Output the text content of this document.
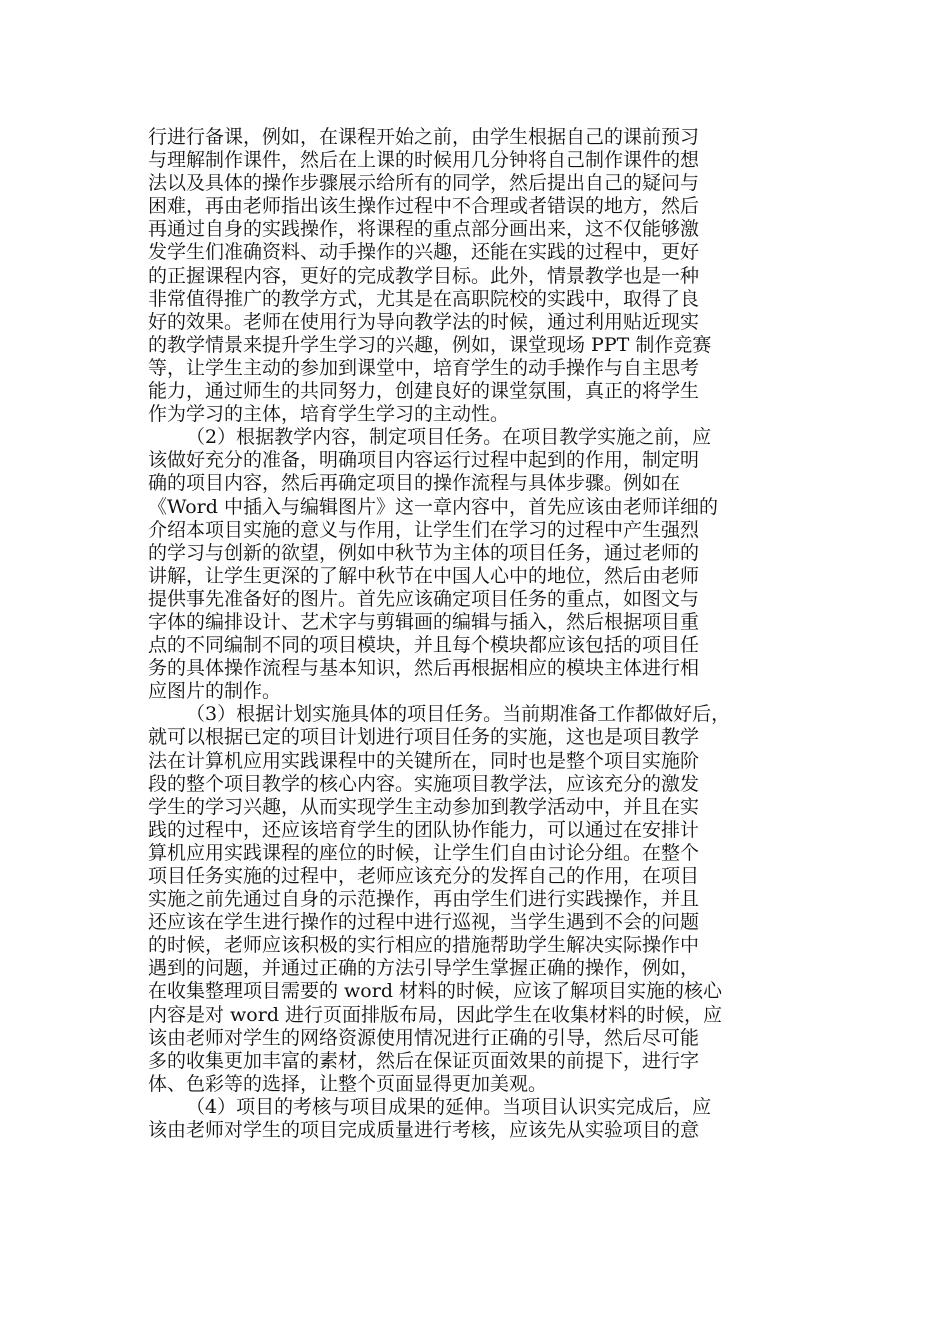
行进行备课，例如，在课程开始之前，由学生根据自己的课前预习
与理解制作课件，然后在上课的时候用几分钟将自己制作课件的想
法以及具体的操作步骤展示给所有的同学，然后提出自己的疑问与
困难，再由老师指出该生操作过程中不合理或者错误的地方，然后
再通过自身的实践操作，将课程的重点部分画出来，这不仅能够激
发学生们准确资料、动手操作的兴趣，还能在实践的过程中，更好
的正握课程内容，更好的完成教学目标。此外，情景教学也是一种
非常值得推广的教学方式，尤其是在高职院校的实践中，取得了良
好的效果。老师在使用行为导向教学法的时候，通过利用贴近现实
的教学情景来提升学生学习的兴趣，例如，课堂现场 PPT 制作竞赛
等，让学生主动的参加到课堂中，培育学生的动手操作与自主思考
能力，通过师生的共同努力，创建良好的课堂氛围，真正的将学生
作为学习的主体，培育学生学习的主动性。
（2）根据教学内容，制定项目任务。在项目教学实施之前，应
该做好充分的准备，明确项目内容运行过程中起到的作用，制定明
确的项目内容，然后再确定项目的操作流程与具体步骤。例如在
《Word 中插入与编辑图片》这一章内容中，首先应该由老师详细的
介绍本项目实施的意义与作用，让学生们在学习的过程中产生强烈
的学习与创新的欲望，例如中秋节为主体的项目任务，通过老师的
讲解，让学生更深的了解中秋节在中国人心中的地位，然后由老师
提供事先准备好的图片。首先应该确定项目任务的重点，如图文与
字体的编排设计、艺术字与剪辑画的编辑与插入，然后根据项目重
点的不同编制不同的项目模块，并且每个模块都应该包括的项目任
务的具体操作流程与基本知识，然后再根据相应的模块主体进行相
应图片的制作。
（3）根据计划实施具体的项目任务。当前期准备工作都做好后，
就可以根据已定的项目计划进行项目任务的实施，这也是项目教学
法在计算机应用实践课程中的关键所在，同时也是整个项目实施阶
段的整个项目教学的核心内容。实施项目教学法，应该充分的激发
学生的学习兴趣，从而实现学生主动参加到教学活动中，并且在实
践的过程中，还应该培育学生的团队协作能力，可以通过在安排计
算机应用实践课程的座位的时候，让学生们自由讨论分组。在整个
项目任务实施的过程中，老师应该充分的发挥自己的作用，在项目
实施之前先通过自身的示范操作，再由学生们进行实践操作，并且
还应该在学生进行操作的过程中进行巡视，当学生遇到不会的问题
的时候，老师应该积极的实行相应的措施帮助学生解决实际操作中
遇到的问题，并通过正确的方法引导学生掌握正确的操作，例如，
在收集整理项目需要的 word 材料的时候，应该了解项目实施的核心
内容是对 word 进行页面排版布局，因此学生在收集材料的时候，应
该由老师对学生的网络资源使用情况进行正确的引导，然后尽可能
多的收集更加丰富的素材，然后在保证页面效果的前提下，进行字
体、色彩等的选择，让整个页面显得更加美观。
（4）项目的考核与项目成果的延伸。当项目认识实完成后，应
该由老师对学生的项目完成质量进行考核，应该先从实验项目的意
